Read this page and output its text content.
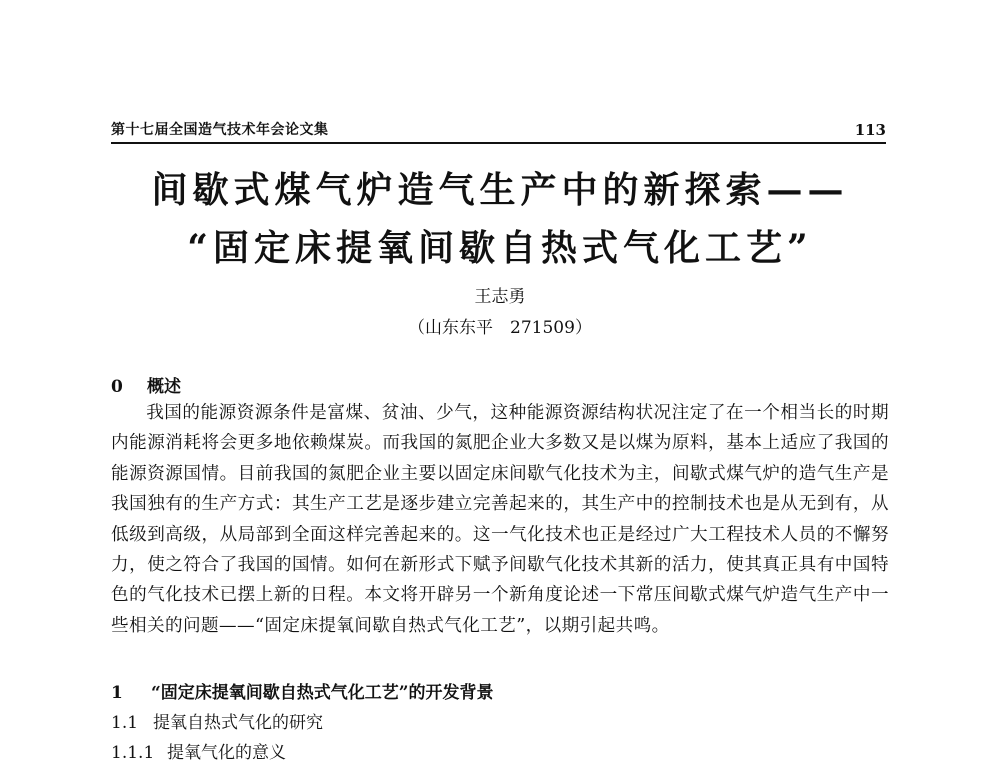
第十七届全国造气技术年会论文集	113
间歇式煤气炉造气生产中的新探索——
“固定床提氧间歇自热式气化工艺”
王志勇
（山东东平　271509）
0 概述

我国的能源资源条件是富煤、贫油、少气，这种能源资源结构状况注定了在一个相当长的时期内能源消耗将会更多地依赖煤炭。而我国的氮肥企业大多数又是以煤为原料，基本上适应了我国的能源资源国情。目前我国的氮肥企业主要以固定床间歇气化技术为主，间歇式煤气炉的造气生产是我国独有的生产方式：其生产工艺是逐步建立完善起来的，其生产中的控制技术也是从无到有，从低级到高级，从局部到全面这样完善起来的。这一气化技术也正是经过广大工程技术人员的不懈努力，使之符合了我国的国情。如何在新形式下赋予间歇气化技术其新的活力，使其真正具有中国特色的气化技术已摆上新的日程。本文将开辟另一个新角度论述一下常压间歇式煤气炉造气生产中一些相关的问题——“固定床提氧间歇自热式气化工艺”，以期引起共鸣。

1 “固定床提氧间歇自热式气化工艺”的开发背景
1.1 提氧自热式气化的研究
1.1.1 提氧气化的意义
